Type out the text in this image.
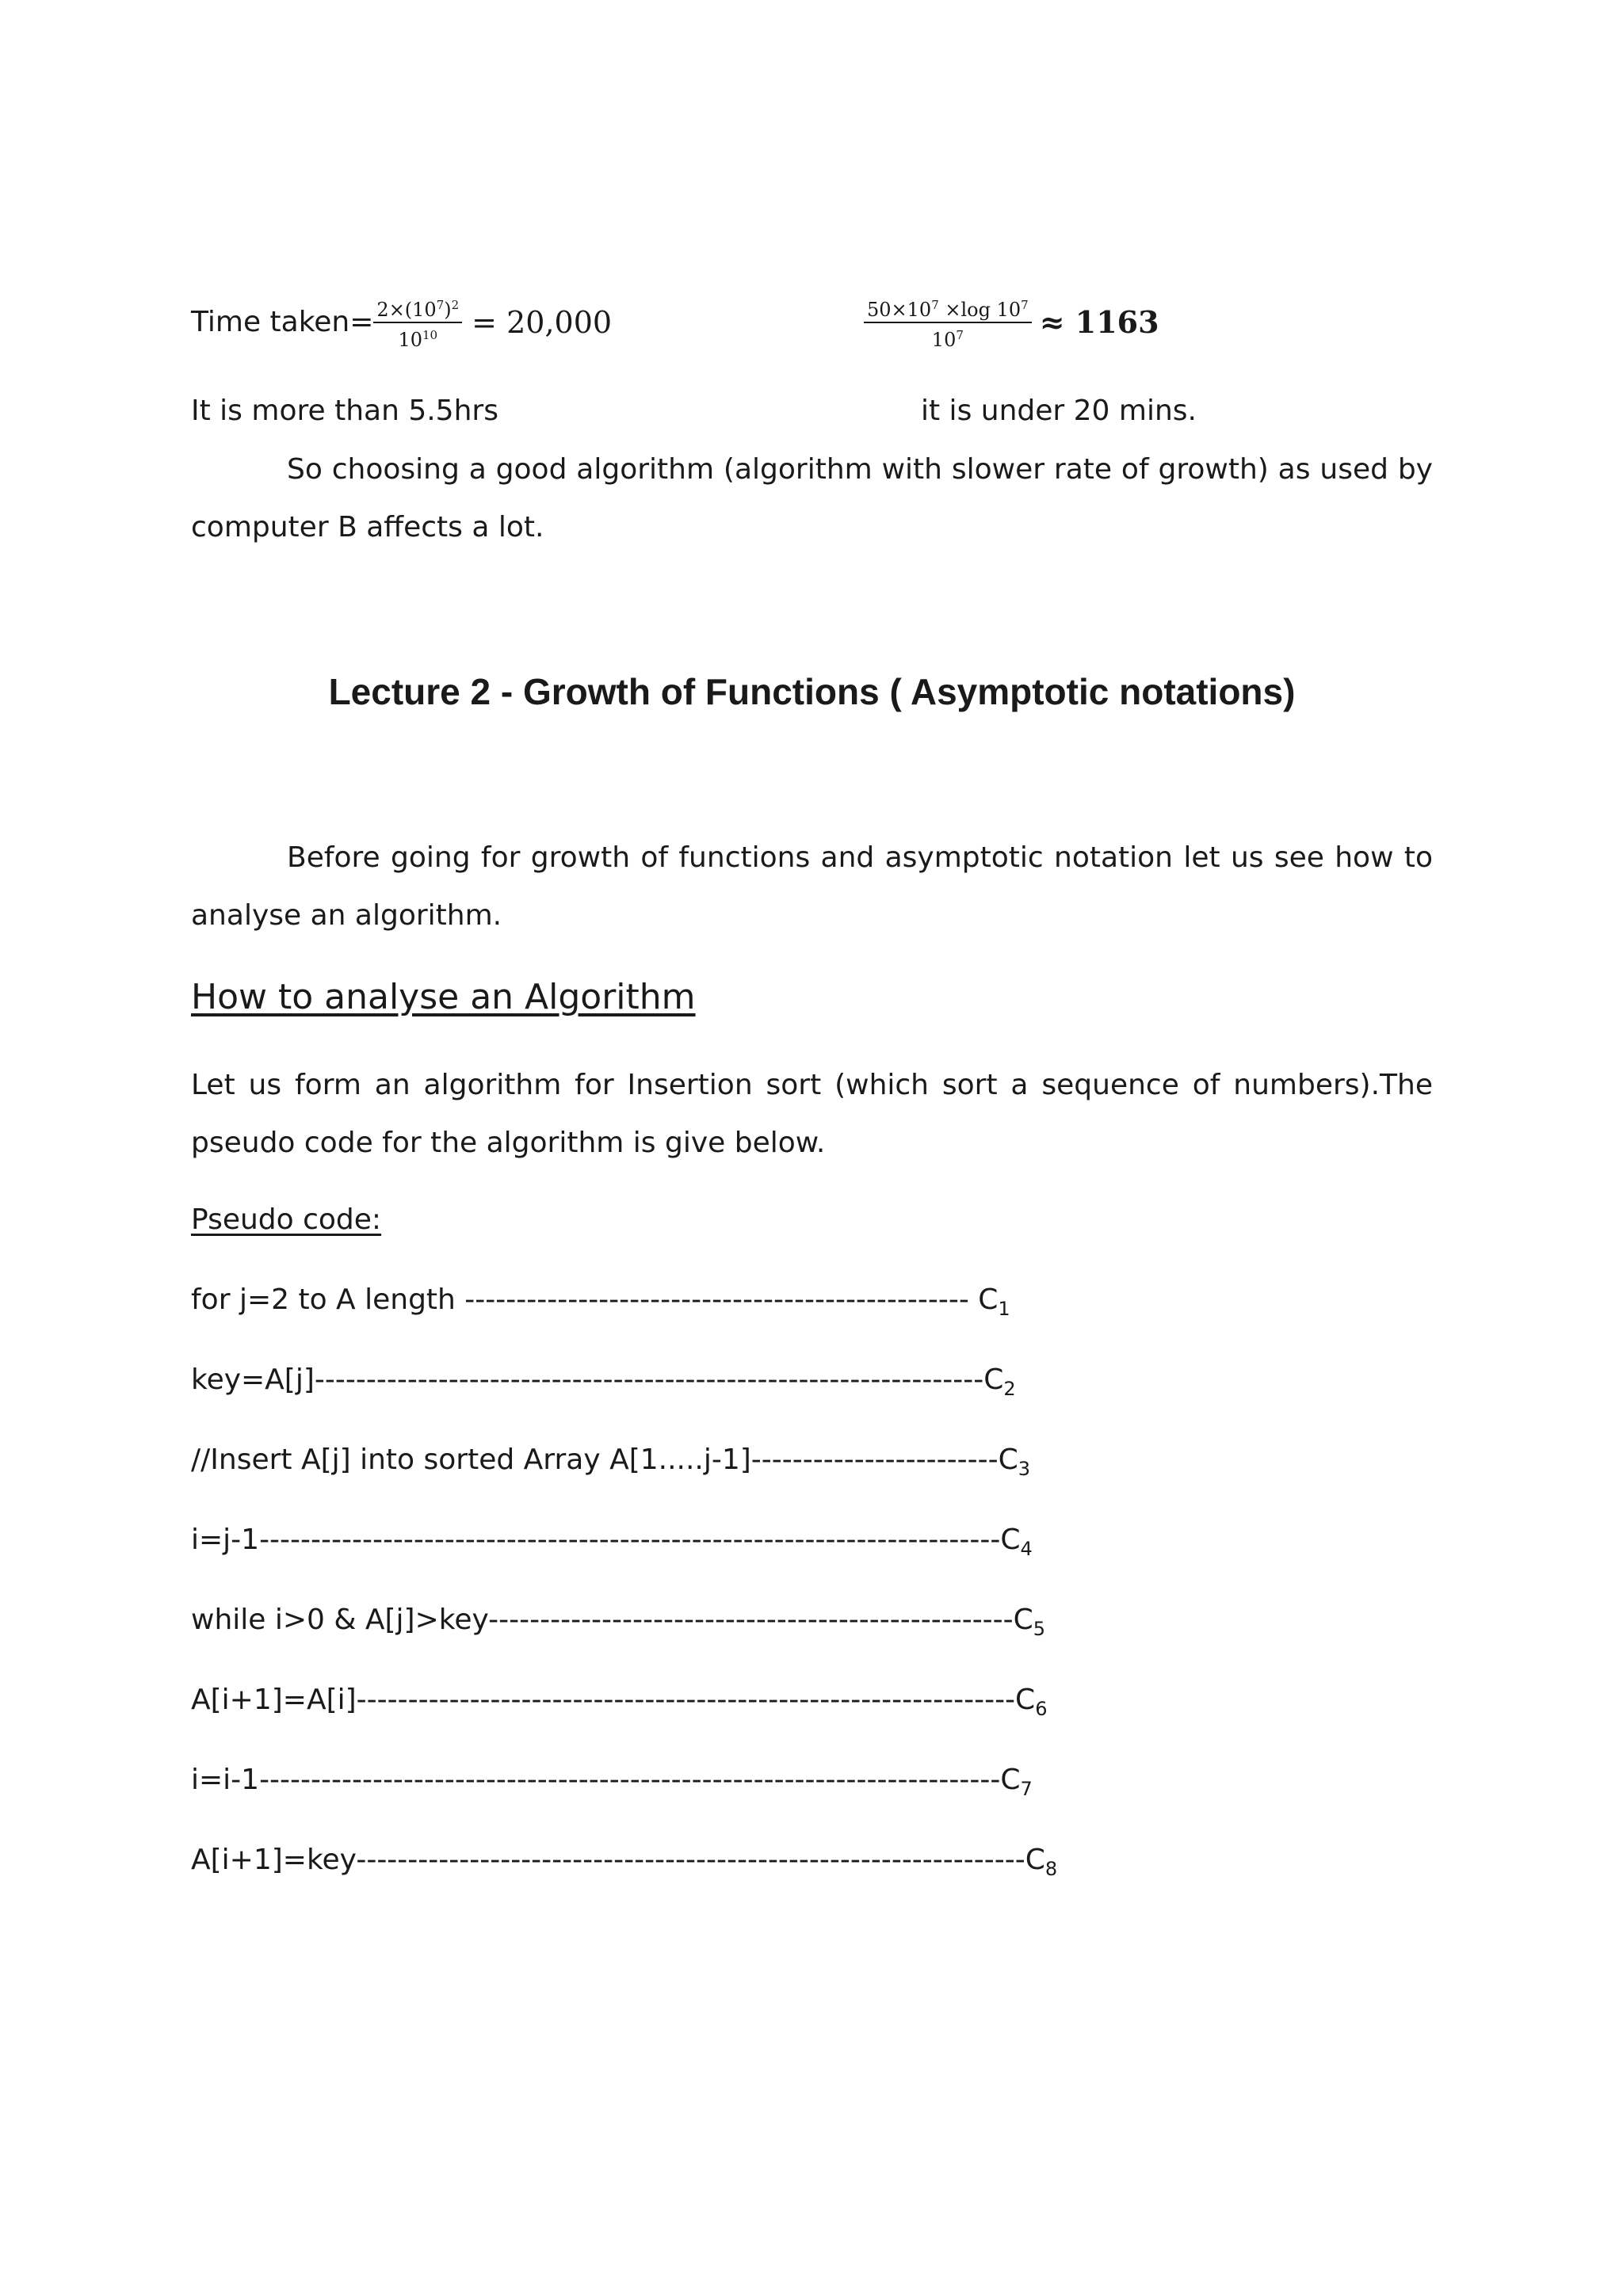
Time taken= $\frac{2\times(10^7)^2}{10^{10}} = 20,000$	$\frac{50\times 10^7 \times\log 10^7}{10^7} \approx 1163$
It is more than 5.5hrs	it is under 20 mins.
So choosing a good algorithm (algorithm with slower rate of growth) as used by computer B affects a lot.
Lecture 2 - Growth of Functions ( Asymptotic notations)
Before going for growth of functions and asymptotic notation let us see how to analyse an algorithm.
How to analyse an Algorithm
Let us form an algorithm for Insertion sort (which sort a sequence of numbers).The pseudo code for the algorithm is give below.
Pseudo code:
for j=2 to A length ------------------------------------------------- $C_1$
$key=A[j]-----------------------------------------------------------------C_2$
//Insert A[j] into sorted Array $A[1.....j-1]------------------------C_3$
$i=j-1------------------------------------------------------------------------C_4$
while i>0 & $A[j]>key---------------------------------------------------C_5$
$A[i+1]=A[i]----------------------------------------------------------------C_6$
$i=i-1------------------------------------------------------------------------C_7$
$A[i+1]=key-----------------------------------------------------------------C_8$
